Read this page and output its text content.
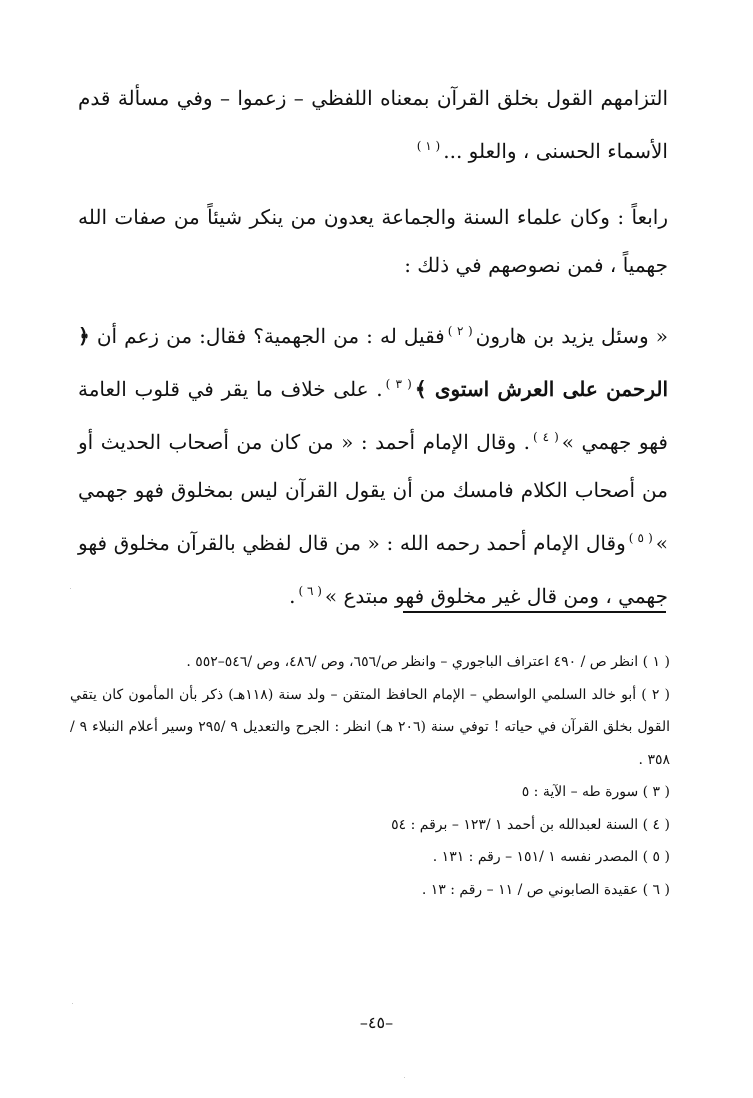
التزامهم القول بخلق القرآن بمعناه اللفظي – زعموا – وفي مسألة قدم الأسماء الحسنى ، والعلو ...$^{( ١ )}$

رابعاً : وكان علماء السنة والجماعة يعدون من ينكر شيئاً من صفات الله جهمياً ، فمن نصوصهم في ذلك :

« وسئل يزيد بن هارون$^{( ٢ )}$فقيل له : من الجهمية؟ فقال: من زعم أن ﴿ الرحمن على العرش استوى ﴾$^{( ٣ )}$. على خلاف ما يقر في قلوب العامة فهو جهمي »$^{( ٤ )}$. وقال الإمام أحمد : « من كان من أصحاب الحديث أو من أصحاب الكلام فامسك من أن يقول القرآن ليس بمخلوق فهو جهمي »$^{( ٥ )}$وقال الإمام أحمد رحمه الله : « من قال لفظي بالقرآن مخلوق فهو جهمي ، ومن قال غير مخلوق فهو مبتدع »$^{( ٦ )}$.

( ١ ) انظر ص / ٤٩٠ اعتراف الباجوري – وانظر ص/٦٥٦، وص /٤٨٦، وص /٥٤٦–٥٥٢ .

( ٢ ) أبو خالد السلمي الواسطي – الإمام الحافظ المتقن – ولد سنة (١١٨هـ) ذكر بأن المأمون كان يتقي القول بخلق القرآن في حياته ! توفي سنة (٢٠٦ هـ) انظر : الجرح والتعديل ٩ /٢٩٥ وسير أعلام النبلاء ٩ /٣٥٨ .

( ٣ ) سورة طه – الآية : ٥

( ٤ ) السنة لعبدالله بن أحمد ١ /١٢٣ – برقم : ٥٤

( ٥ ) المصدر نفسه ١ /١٥١ – رقم : ١٣١ .

( ٦ ) عقيدة الصابوني ص / ١١ – رقم : ١٣ .

–٤٥–
